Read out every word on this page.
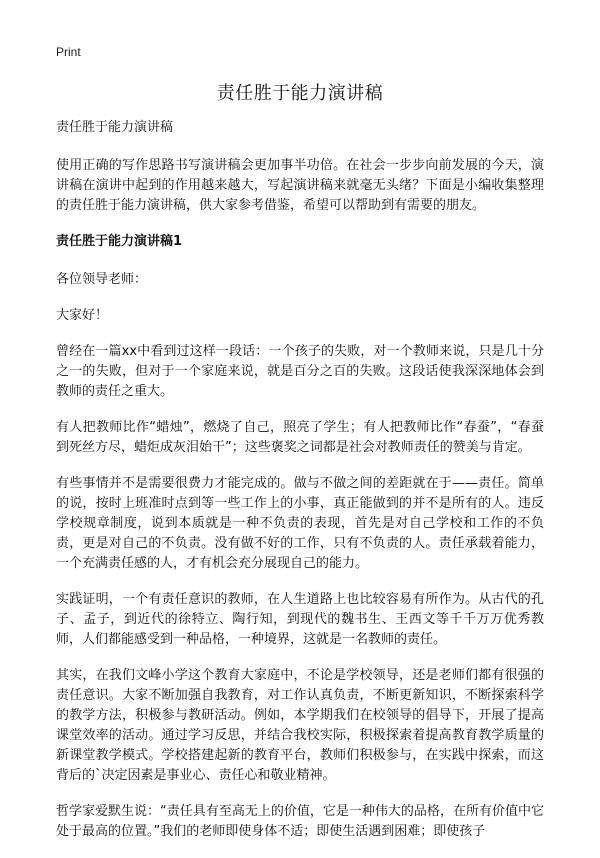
Print
责任胜于能力演讲稿
责任胜于能力演讲稿

使用正确的写作思路书写演讲稿会更加事半功倍。在社会一步步向前发展的今天，演讲稿在演讲中起到的作用越来越大，写起演讲稿来就毫无头绪？下面是小编收集整理的责任胜于能力演讲稿，供大家参考借鉴，希望可以帮助到有需要的朋友。

责任胜于能力演讲稿1

各位领导老师：

大家好！

曾经在一篇xx中看到过这样一段话：一个孩子的失败，对一个教师来说，只是几十分之一的失败，但对于一个家庭来说，就是百分之百的失败。这段话使我深深地体会到教师的责任之重大。

有人把教师比作“蜡烛”，燃烧了自己，照亮了学生；有人把教师比作“春蚕”，“春蚕到死丝方尽，蜡炬成灰泪始干”；这些褒奖之词都是社会对教师责任的赞美与肯定。

有些事情并不是需要很费力才能完成的。做与不做之间的差距就在于——责任。简单的说，按时上班准时点到等一些工作上的小事，真正能做到的并不是所有的人。违反学校规章制度，说到本质就是一种不负责的表现，首先是对自己学校和工作的不负责，更是对自己的不负责。没有做不好的工作，只有不负责的人。责任承载着能力，一个充满责任感的人，才有机会充分展现自己的能力。

实践证明，一个有责任意识的教师，在人生道路上也比较容易有所作为。从古代的孔子、孟子，到近代的徐特立、陶行知，到现代的魏书生、王西文等千千万万优秀教师，人们都能感受到一种品格，一种境界，这就是一名教师的责任。

其实，在我们文峰小学这个教育大家庭中，不论是学校领导，还是老师们都有很强的责任意识。大家不断加强自我教育，对工作认真负责，不断更新知识，不断探索科学的教学方法，积极参与教研活动。例如，本学期我们在校领导的倡导下，开展了提高课堂效率的活动。通过学习反思，并结合我校实际，积极探索着提高教育教学质量的新课堂教学模式。学校搭建起新的教育平台，教师们积极参与，在实践中探索，而这背后的`决定因素是事业心、责任心和敬业精神。

哲学家爱默生说：“责任具有至高无上的价值，它是一种伟大的品格，在所有价值中它处于最高的位置。”我们的老师即使身体不适；即使生活遇到困难；即使孩子
